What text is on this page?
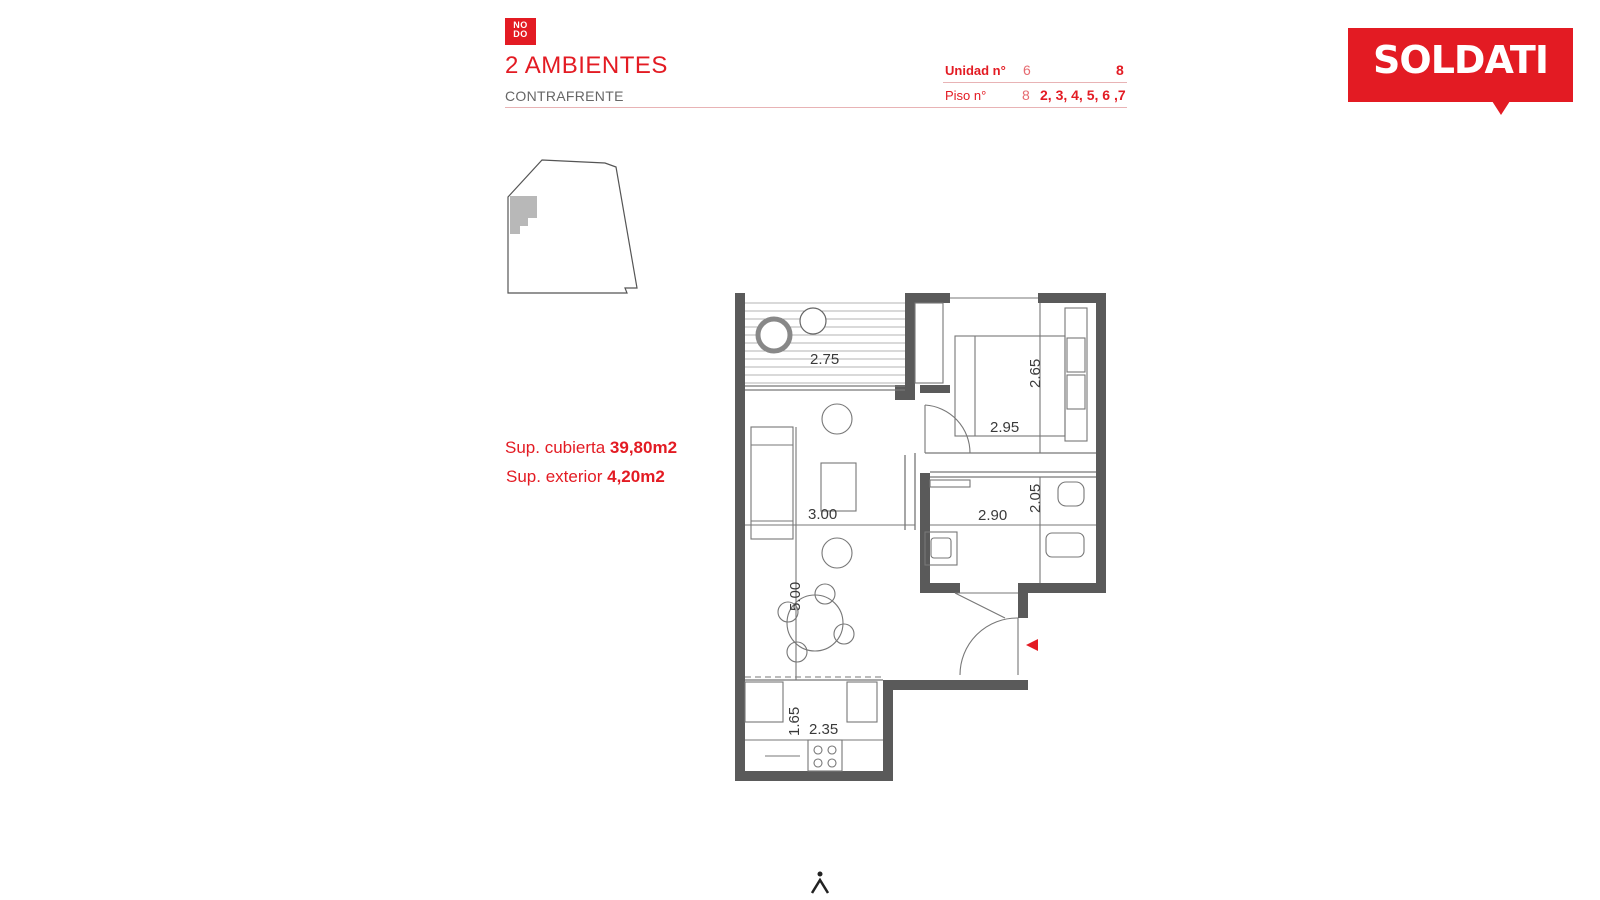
NO
DO
2 AMBIENTES
CONTRAFRENTE
Unidad n° 6	8
Piso n°	8 2, 3, 4, 5, 6 ,7
SOLDATI
Sup. cubierta 39,80m2
Sup. exterior 4,20m2
2.75	2.65
2.95
2.05
2.90
3.00
5.00
1.65 2.35
